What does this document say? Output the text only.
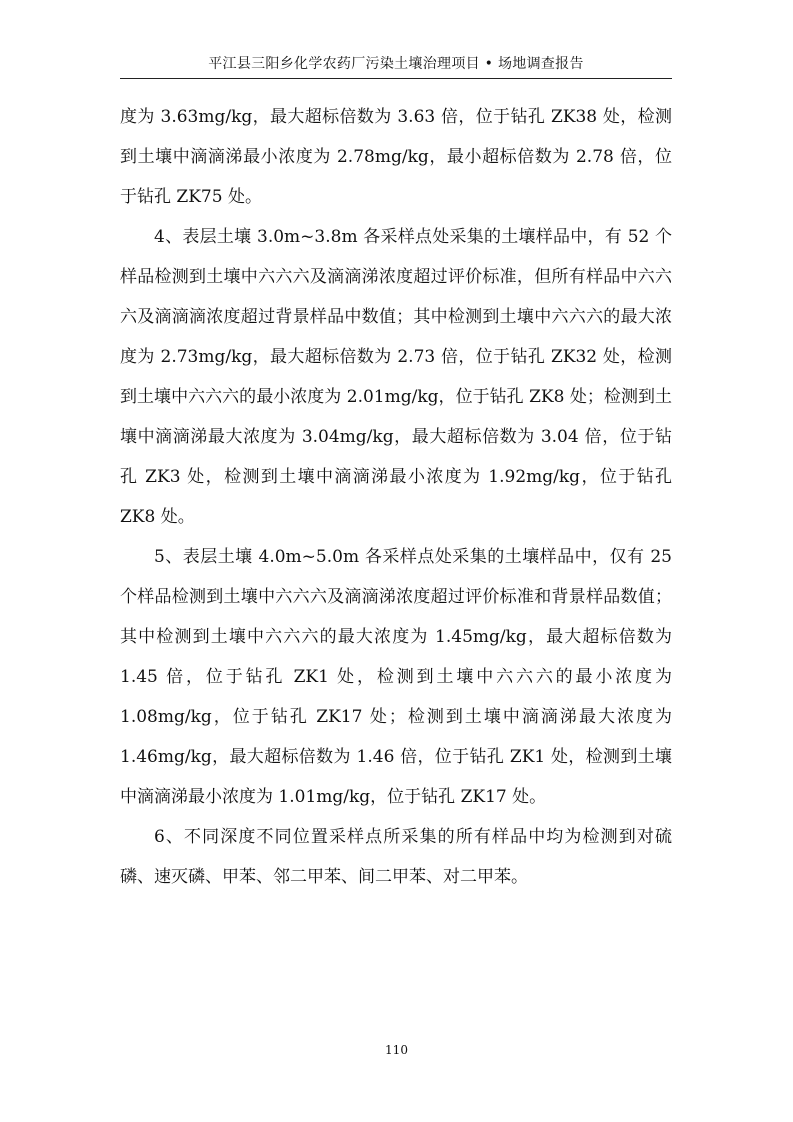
平江县三阳乡化学农药厂污染土壤治理项目 • 场地调查报告

度为 3.63mg/kg，最大超标倍数为 3.63 倍，位于钻孔 ZK38 处，检测到土壤中滴滴涕最小浓度为 2.78mg/kg，最小超标倍数为 2.78 倍，位于钻孔 ZK75 处。

4、表层土壤 3.0m~3.8m 各采样点处采集的土壤样品中，有 52 个样品检测到土壤中六六六及滴滴涕浓度超过评价标准，但所有样品中六六六及滴滴滴浓度超过背景样品中数值；其中检测到土壤中六六六的最大浓度为 2.73mg/kg，最大超标倍数为 2.73 倍，位于钻孔 ZK32 处，检测到土壤中六六六的最小浓度为 2.01mg/kg，位于钻孔 ZK8 处；检测到土壤中滴滴涕最大浓度为 3.04mg/kg，最大超标倍数为 3.04 倍，位于钻孔 ZK3 处，检测到土壤中滴滴涕最小浓度为 1.92mg/kg，位于钻孔 ZK8 处。

5、表层土壤 4.0m~5.0m 各采样点处采集的土壤样品中，仅有 25 个样品检测到土壤中六六六及滴滴涕浓度超过评价标准和背景样品数值；其中检测到土壤中六六六的最大浓度为 1.45mg/kg，最大超标倍数为 1.45 倍，位于钻孔 ZK1 处，检测到土壤中六六六的最小浓度为 1.08mg/kg，位于钻孔 ZK17 处；检测到土壤中滴滴涕最大浓度为 1.46mg/kg，最大超标倍数为 1.46 倍，位于钻孔 ZK1 处，检测到土壤中滴滴涕最小浓度为 1.01mg/kg，位于钻孔 ZK17 处。

6、不同深度不同位置采样点所采集的所有样品中均为检测到对硫磷、速灭磷、甲苯、邻二甲苯、间二甲苯、对二甲苯。

110
